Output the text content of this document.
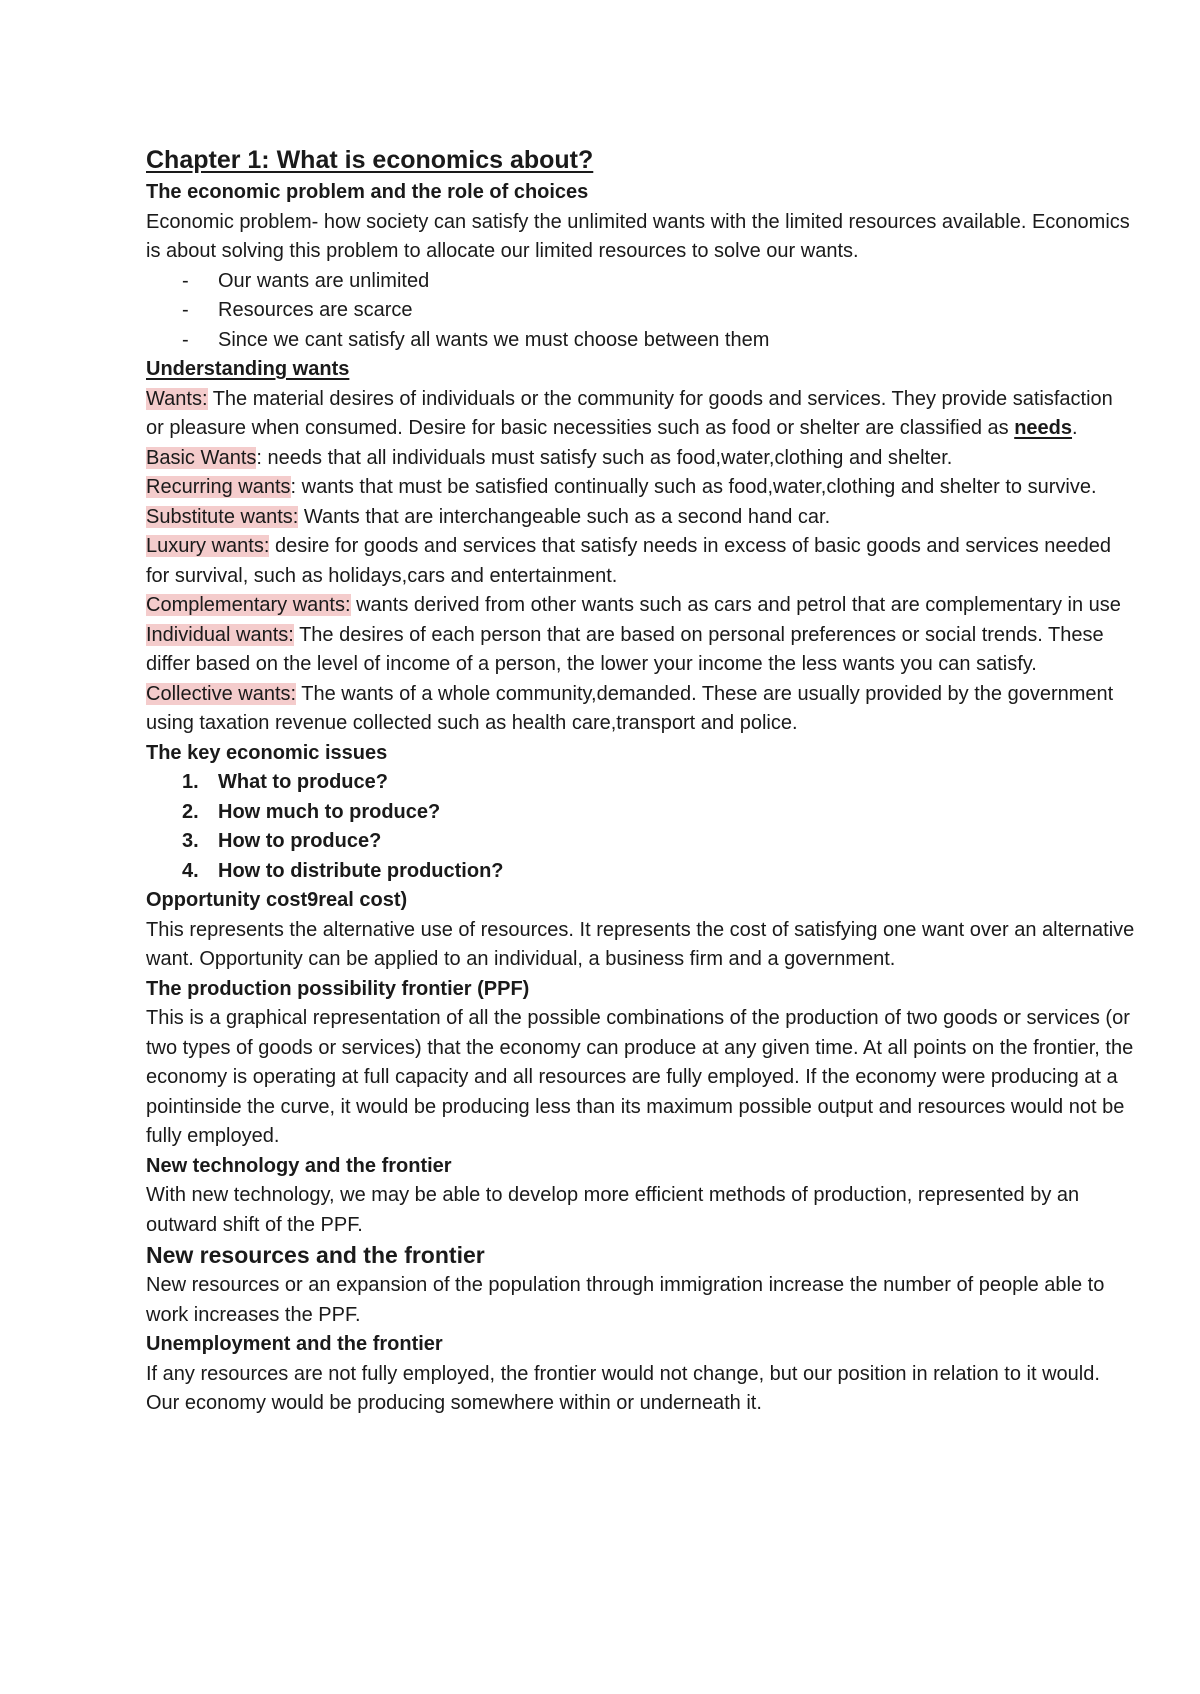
Chapter 1: What is economics about?

The economic problem and the role of choices

Economic problem- how society can satisfy the unlimited wants with the limited resources available. Economics is about solving this problem to allocate our limited resources to solve our wants.

- Our wants are unlimited
- Resources are scarce
- Since we cant satisfy all wants we must choose between them

Understanding wants

Wants: The material desires of individuals or the community for goods and services. They provide satisfaction or pleasure when consumed. Desire for basic necessities such as food or shelter are classified as needs.

Basic Wants: needs that all individuals must satisfy such as food,water,clothing and shelter.

Recurring wants: wants that must be satisfied continually such as food,water,clothing and shelter to survive.

Substitute wants: Wants that are interchangeable such as a second hand car.

Luxury wants: desire for goods and services that satisfy needs in excess of basic goods and services needed for survival, such as holidays,cars and entertainment.

Complementary wants: wants derived from other wants such as cars and petrol that are complementary in use

Individual wants: The desires of each person that are based on personal preferences or social trends. These differ based on the level of income of a person, the lower your income the less wants you can satisfy.

Collective wants: The wants of a whole community,demanded. These are usually provided by the government using taxation revenue collected such as health care,transport and police.

The key economic issues

1. What to produce?
2. How much to produce?
3. How to produce?
4. How to distribute production?

Opportunity cost9real cost)

This represents the alternative use of resources. It represents the cost of satisfying one want over an alternative want. Opportunity can be applied to an individual, a business firm and a government.

The production possibility frontier (PPF)

This is a graphical representation of all the possible combinations of the production of two goods or services (or two types of goods or services) that the economy can produce at any given time. At all points on the frontier, the economy is operating at full capacity and all resources are fully employed. If the economy were producing at a pointinside the curve, it would be producing less than its maximum possible output and resources would not be fully employed.

New technology and the frontier

With new technology, we may be able to develop more efficient methods of production, represented by an outward shift of the PPF.

New resources and the frontier

New resources or an expansion of the population through immigration increase the number of people able to work increases the PPF.

Unemployment and the frontier

If any resources are not fully employed, the frontier would not change, but our position in relation to it would. Our economy would be producing somewhere within or underneath it.
